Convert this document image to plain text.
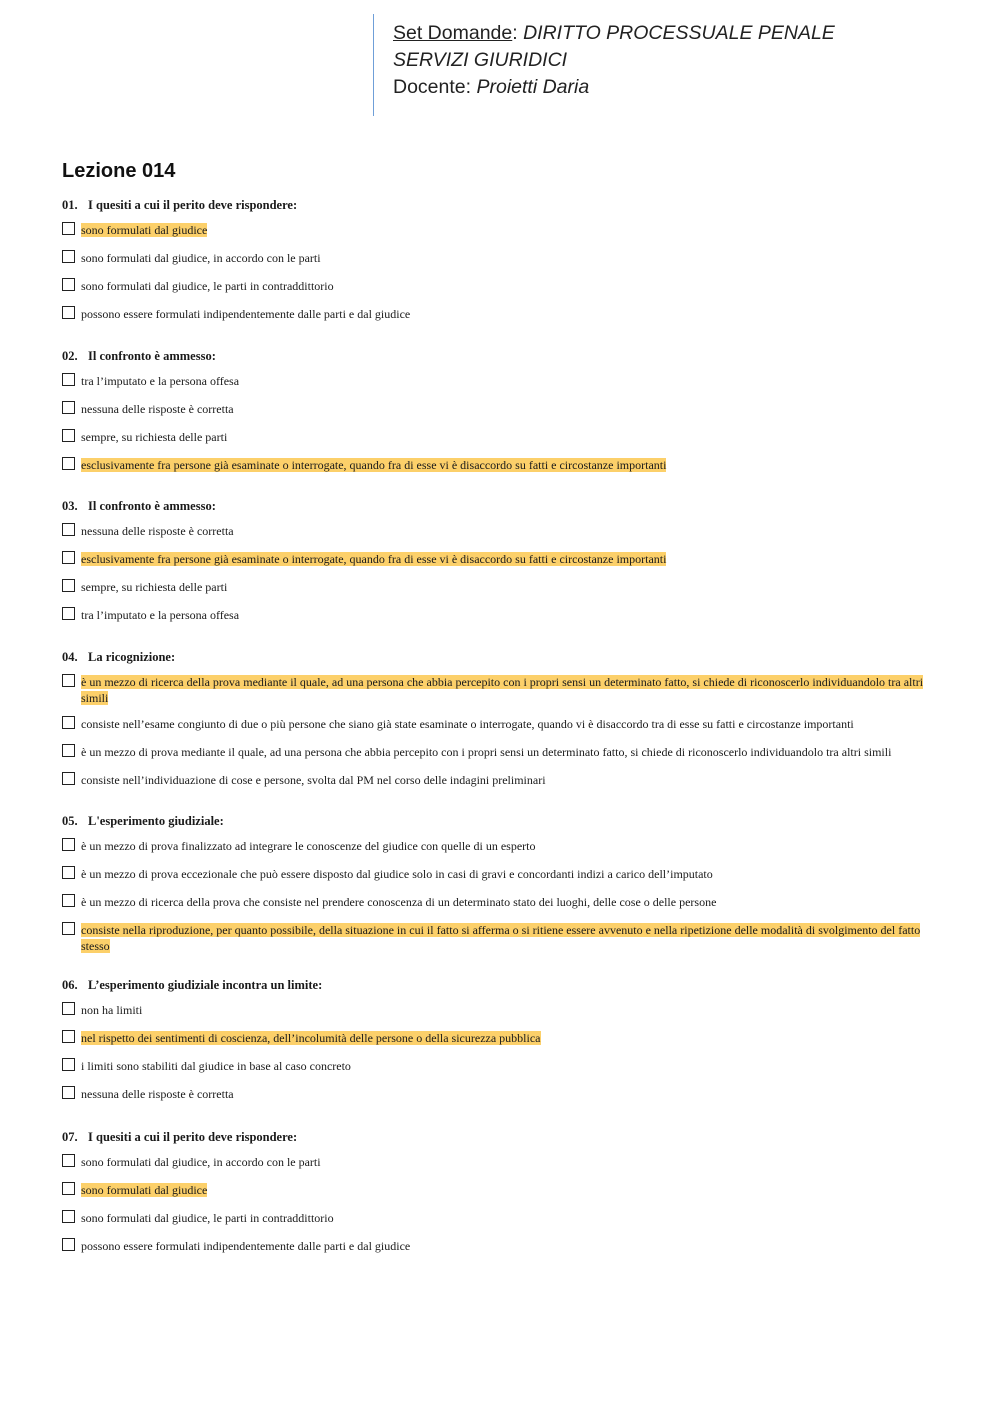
Set Domande: DIRITTO PROCESSUALE PENALE
SERVIZI GIURIDICI
Docente: Proietti Daria
Lezione 014
01. I quesiti a cui il perito deve rispondere:
sono formulati dal giudice
sono formulati dal giudice, in accordo con le parti
sono formulati dal giudice, le parti in contraddittorio
possono essere formulati indipendentemente dalle parti e dal giudice
02. Il confronto è ammesso:
tra l’imputato e la persona offesa
nessuna delle risposte è corretta
sempre, su richiesta delle parti
esclusivamente fra persone già esaminate o interrogate, quando fra di esse vi è disaccordo su fatti e circostanze importanti
03. Il confronto è ammesso:
nessuna delle risposte è corretta
esclusivamente fra persone già esaminate o interrogate, quando fra di esse vi è disaccordo su fatti e circostanze importanti
sempre, su richiesta delle parti
tra l’imputato e la persona offesa
04. La ricognizione:
è un mezzo di ricerca della prova mediante il quale, ad una persona che abbia percepito con i propri sensi un determinato fatto, si chiede di riconoscerlo individuandolo tra altri simili
consiste nell’esame congiunto di due o più persone che siano già state esaminate o interrogate, quando vi è disaccordo tra di esse su fatti e circostanze importanti
è un mezzo di prova mediante il quale, ad una persona che abbia percepito con i propri sensi un determinato fatto, si chiede di riconoscerlo individuandolo tra altri simili
consiste nell’individuazione di cose e persone, svolta dal PM nel corso delle indagini preliminari
05. L'esperimento giudiziale:
è un mezzo di prova finalizzato ad integrare le conoscenze del giudice con quelle di un esperto
è un mezzo di prova eccezionale che può essere disposto dal giudice solo in casi di gravi e concordanti indizi a carico dell’imputato
è un mezzo di ricerca della prova che consiste nel prendere conoscenza di un determinato stato dei luoghi, delle cose o delle persone
consiste nella riproduzione, per quanto possibile, della situazione in cui il fatto si afferma o si ritiene essere avvenuto e nella ripetizione delle modalità di svolgimento del fatto stesso
06. L’esperimento giudiziale incontra un limite:
non ha limiti
nel rispetto dei sentimenti di coscienza, dell’incolumità delle persone o della sicurezza pubblica
i limiti sono stabiliti dal giudice in base al caso concreto
nessuna delle risposte è corretta
07. I quesiti a cui il perito deve rispondere:
sono formulati dal giudice, in accordo con le parti
sono formulati dal giudice
sono formulati dal giudice, le parti in contraddittorio
possono essere formulati indipendentemente dalle parti e dal giudice
